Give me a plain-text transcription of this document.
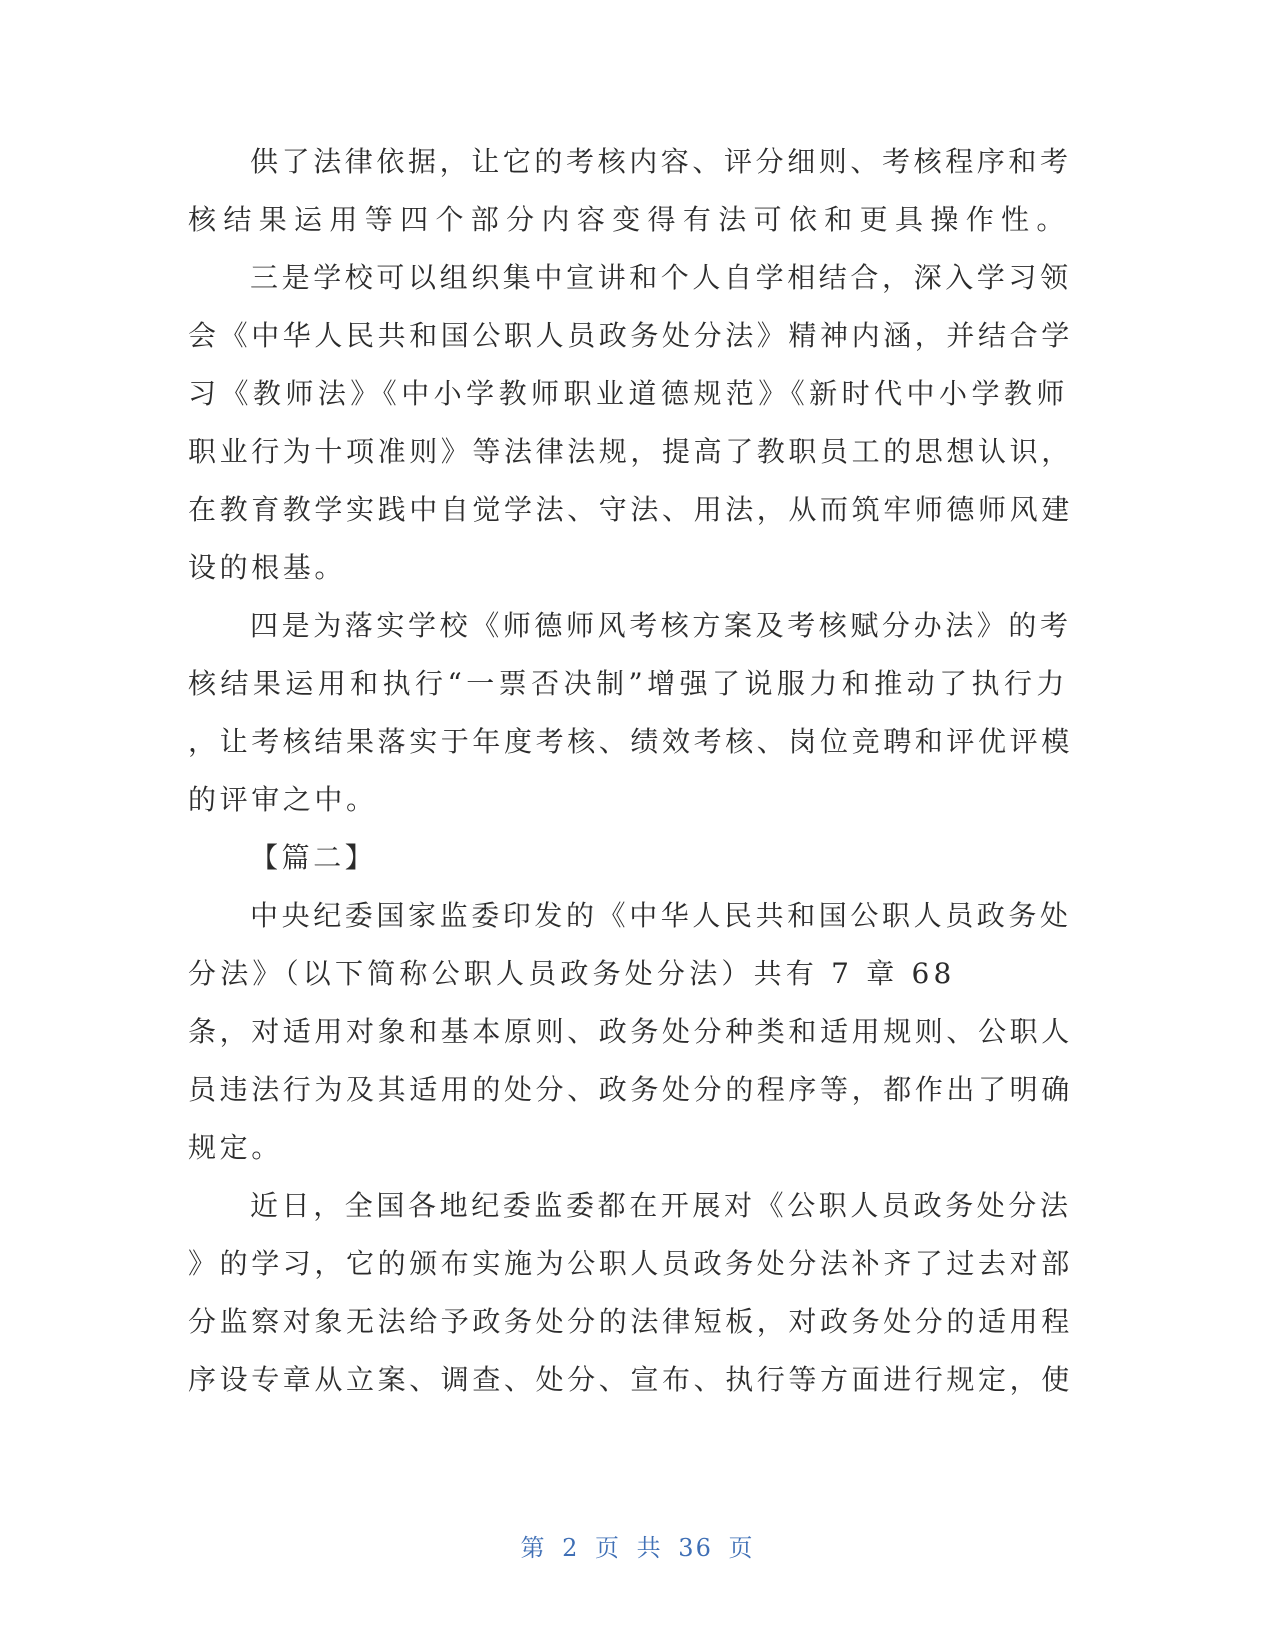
供了法律依据，让它的考核内容、评分细则、考核程序和考
核结果运用等四个部分内容变得有法可依和更具操作性。
三是学校可以组织集中宣讲和个人自学相结合，深入学习领
会《中华人民共和国公职人员政务处分法》精神内涵，并结合学
习《教师法》《中小学教师职业道德规范》《新时代中小学教师
职业行为十项准则》等法律法规，提高了教职员工的思想认识，
在教育教学实践中自觉学法、守法、用法，从而筑牢师德师风建
设的根基。
四是为落实学校《师德师风考核方案及考核赋分办法》的考
核结果运用和执行“一票否决制”增强了说服力和推动了执行力
，让考核结果落实于年度考核、绩效考核、岗位竞聘和评优评模
的评审之中。
【篇二】
中央纪委国家监委印发的《中华人民共和国公职人员政务处
分法》（以下简称公职人员政务处分法）共有 7 章 68
条，对适用对象和基本原则、政务处分种类和适用规则、公职人
员违法行为及其适用的处分、政务处分的程序等，都作出了明确
规定。
近日，全国各地纪委监委都在开展对《公职人员政务处分法
》的学习，它的颁布实施为公职人员政务处分法补齐了过去对部
分监察对象无法给予政务处分的法律短板，对政务处分的适用程
序设专章从立案、调查、处分、宣布、执行等方面进行规定，使
第 2 页 共 36 页
